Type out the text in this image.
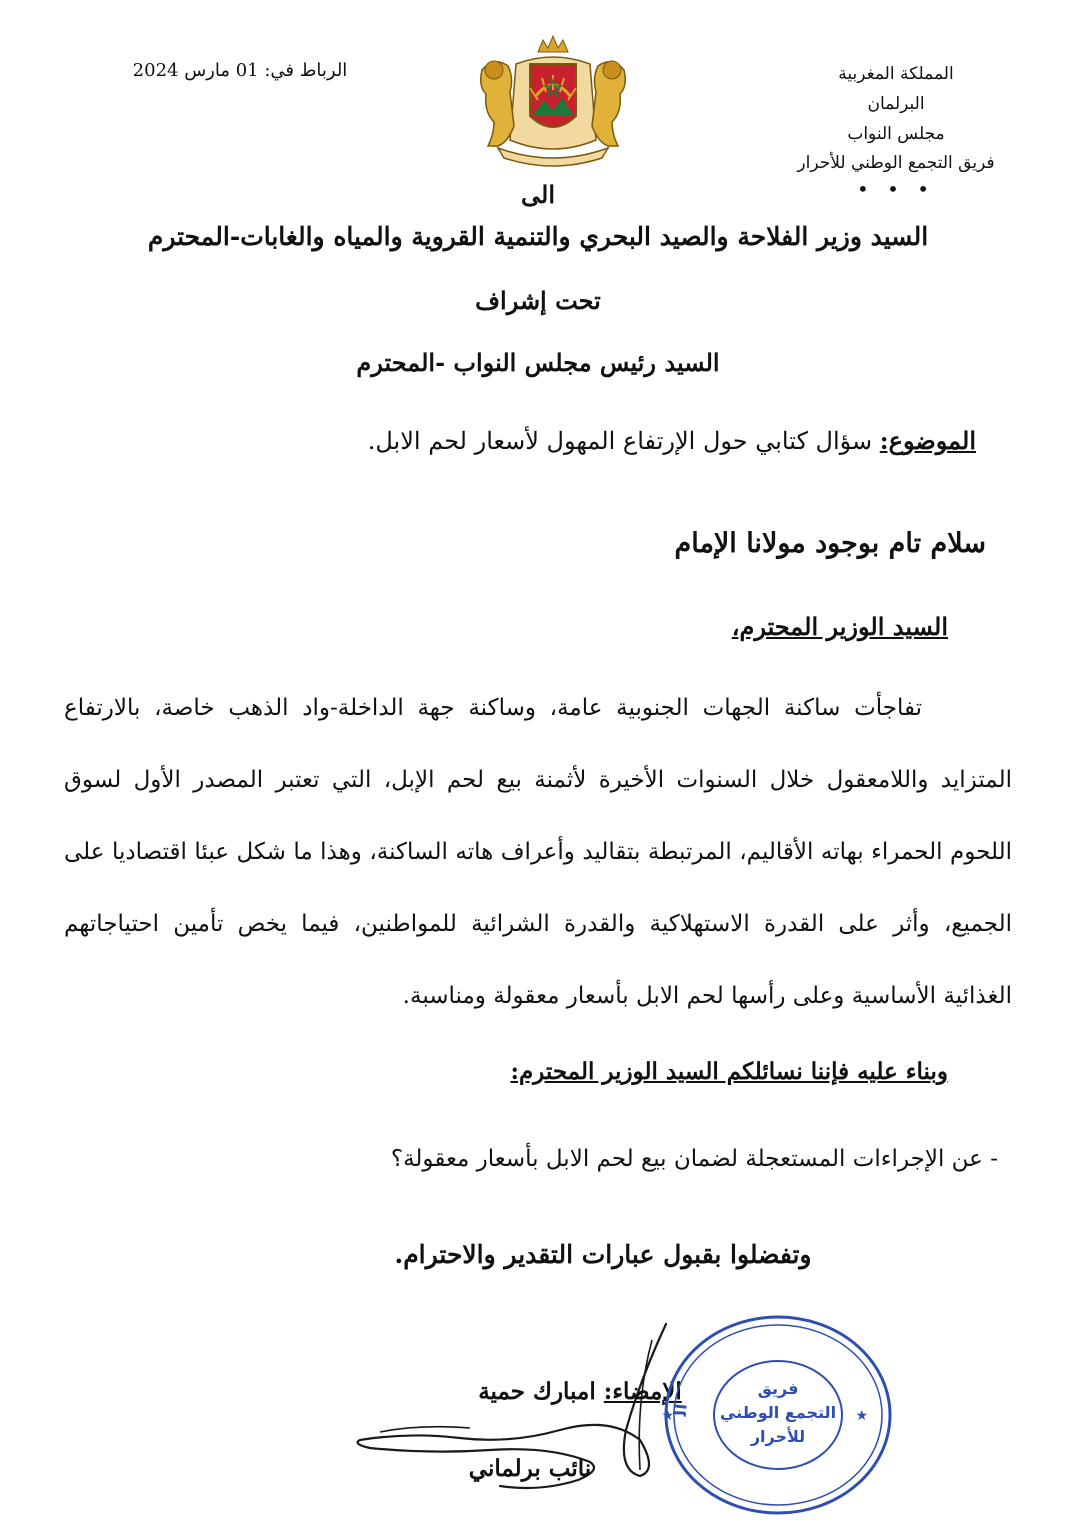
المملكة المغربية
البرلمان
مجلس النواب
فريق التجمع الوطني للأحرار
• • •
الرباط في: 01 مارس 2024
الى
السيد وزير الفلاحة والصيد البحري والتنمية القروية والمياه والغابات-المحترم
تحت إشراف
السيد رئيس مجلس النواب -المحترم
الموضوع: سؤال كتابي حول الإرتفاع المهول لأسعار لحم الابل.
سلام تام بوجود مولانا الإمام
السيد الوزير المحترم،
تفاجأت ساكنة الجهات الجنوبية عامة، وساكنة جهة الداخلة-واد الذهب خاصة، بالارتفاع المتزايد واللامعقول خلال السنوات الأخيرة لأثمنة بيع لحم الإبل، التي تعتبر المصدر الأول لسوق اللحوم الحمراء بهاته الأقاليم، المرتبطة بتقاليد وأعراف هاته الساكنة، وهذا ما شكل عبئا اقتصاديا على الجميع، وأثر على القدرة الاستهلاكية والقدرة الشرائية للمواطنين، فيما يخص تأمين احتياجاتهم الغذائية الأساسية وعلى رأسها لحم الابل بأسعار معقولة ومناسبة.
وبناء عليه فإننا نسائلكم السيد الوزير المحترم:
- عن الإجراءات المستعجلة لضمان بيع لحم الابل بأسعار معقولة؟
وتفضلوا بقبول عبارات التقدير والاحترام.
الإمضاء: امبارك حمية
نائب برلماني
ال
فريق
التجمع الوطني
للأحرار
★	★
